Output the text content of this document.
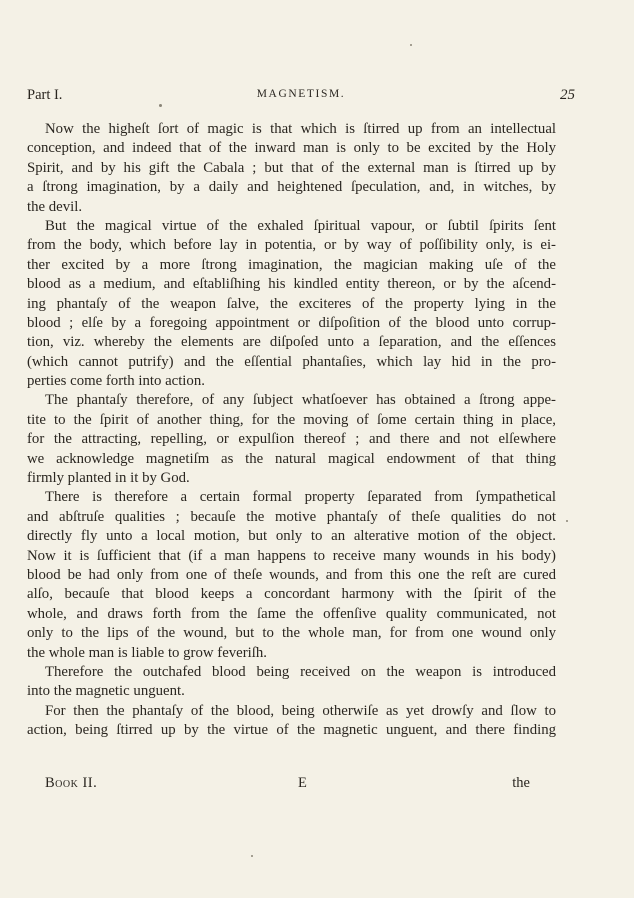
Part I.	MAGNETISM.	25
Now the higheſt ſort of magic is that which is ſtirred up from an intellectual
conception, and indeed that of the inward man is only to be excited by the Holy
Spirit, and by his gift the Cabala ; but that of the external man is ſtirred up by
a ſtrong imagination, by a daily and heightened ſpeculation, and, in witches, by
the devil.
But the magical virtue of the exhaled ſpiritual vapour, or ſubtil ſpirits ſent
from the body, which before lay in potentia, or by way of poſſibility only, is ei-
ther excited by a more ſtrong imagination, the magician making uſe of the
blood as a medium, and eſtabliſhing his kindled entity thereon, or by the aſcend-
ing phantaſy of the weapon ſalve, the exciteres of the property lying in the
blood ; elſe by a foregoing appointment or diſpoſition of the blood unto corrup-
tion, viz. whereby the elements are diſpoſed unto a ſeparation, and the eſſences
(which cannot putrify) and the eſſential phantaſies, which lay hid in the pro-
perties come forth into action.
The phantaſy therefore, of any ſubject whatſoever has obtained a ſtrong appe-
tite to the ſpirit of another thing, for the moving of ſome certain thing in place,
for the attracting, repelling, or expulſion thereof ; and there and not elſewhere
we acknowledge magnetiſm as the natural magical endowment of that thing
firmly planted in it by God.
There is therefore a certain formal property ſeparated from ſympathetical
and abſtruſe qualities ; becauſe the motive phantaſy of theſe qualities do not
directly fly unto a local motion, but only to an alterative motion of the object.
Now it is ſufficient that (if a man happens to receive many wounds in his body)
blood be had only from one of theſe wounds, and from this one the reſt are cured
alſo, becauſe that blood keeps a concordant harmony with the ſpirit of the
whole, and draws forth from the ſame the offenſive quality communicated, not
only to the lips of the wound, but to the whole man, for from one wound only
the whole man is liable to grow feveriſh.
Therefore the outchafed blood being received on the weapon is introduced
into the magnetic unguent.
For then the phantaſy of the blood, being otherwiſe as yet drowſy and ſlow to
action, being ſtirred up by the virtue of the magnetic unguent, and there finding
Book II.	E	the
